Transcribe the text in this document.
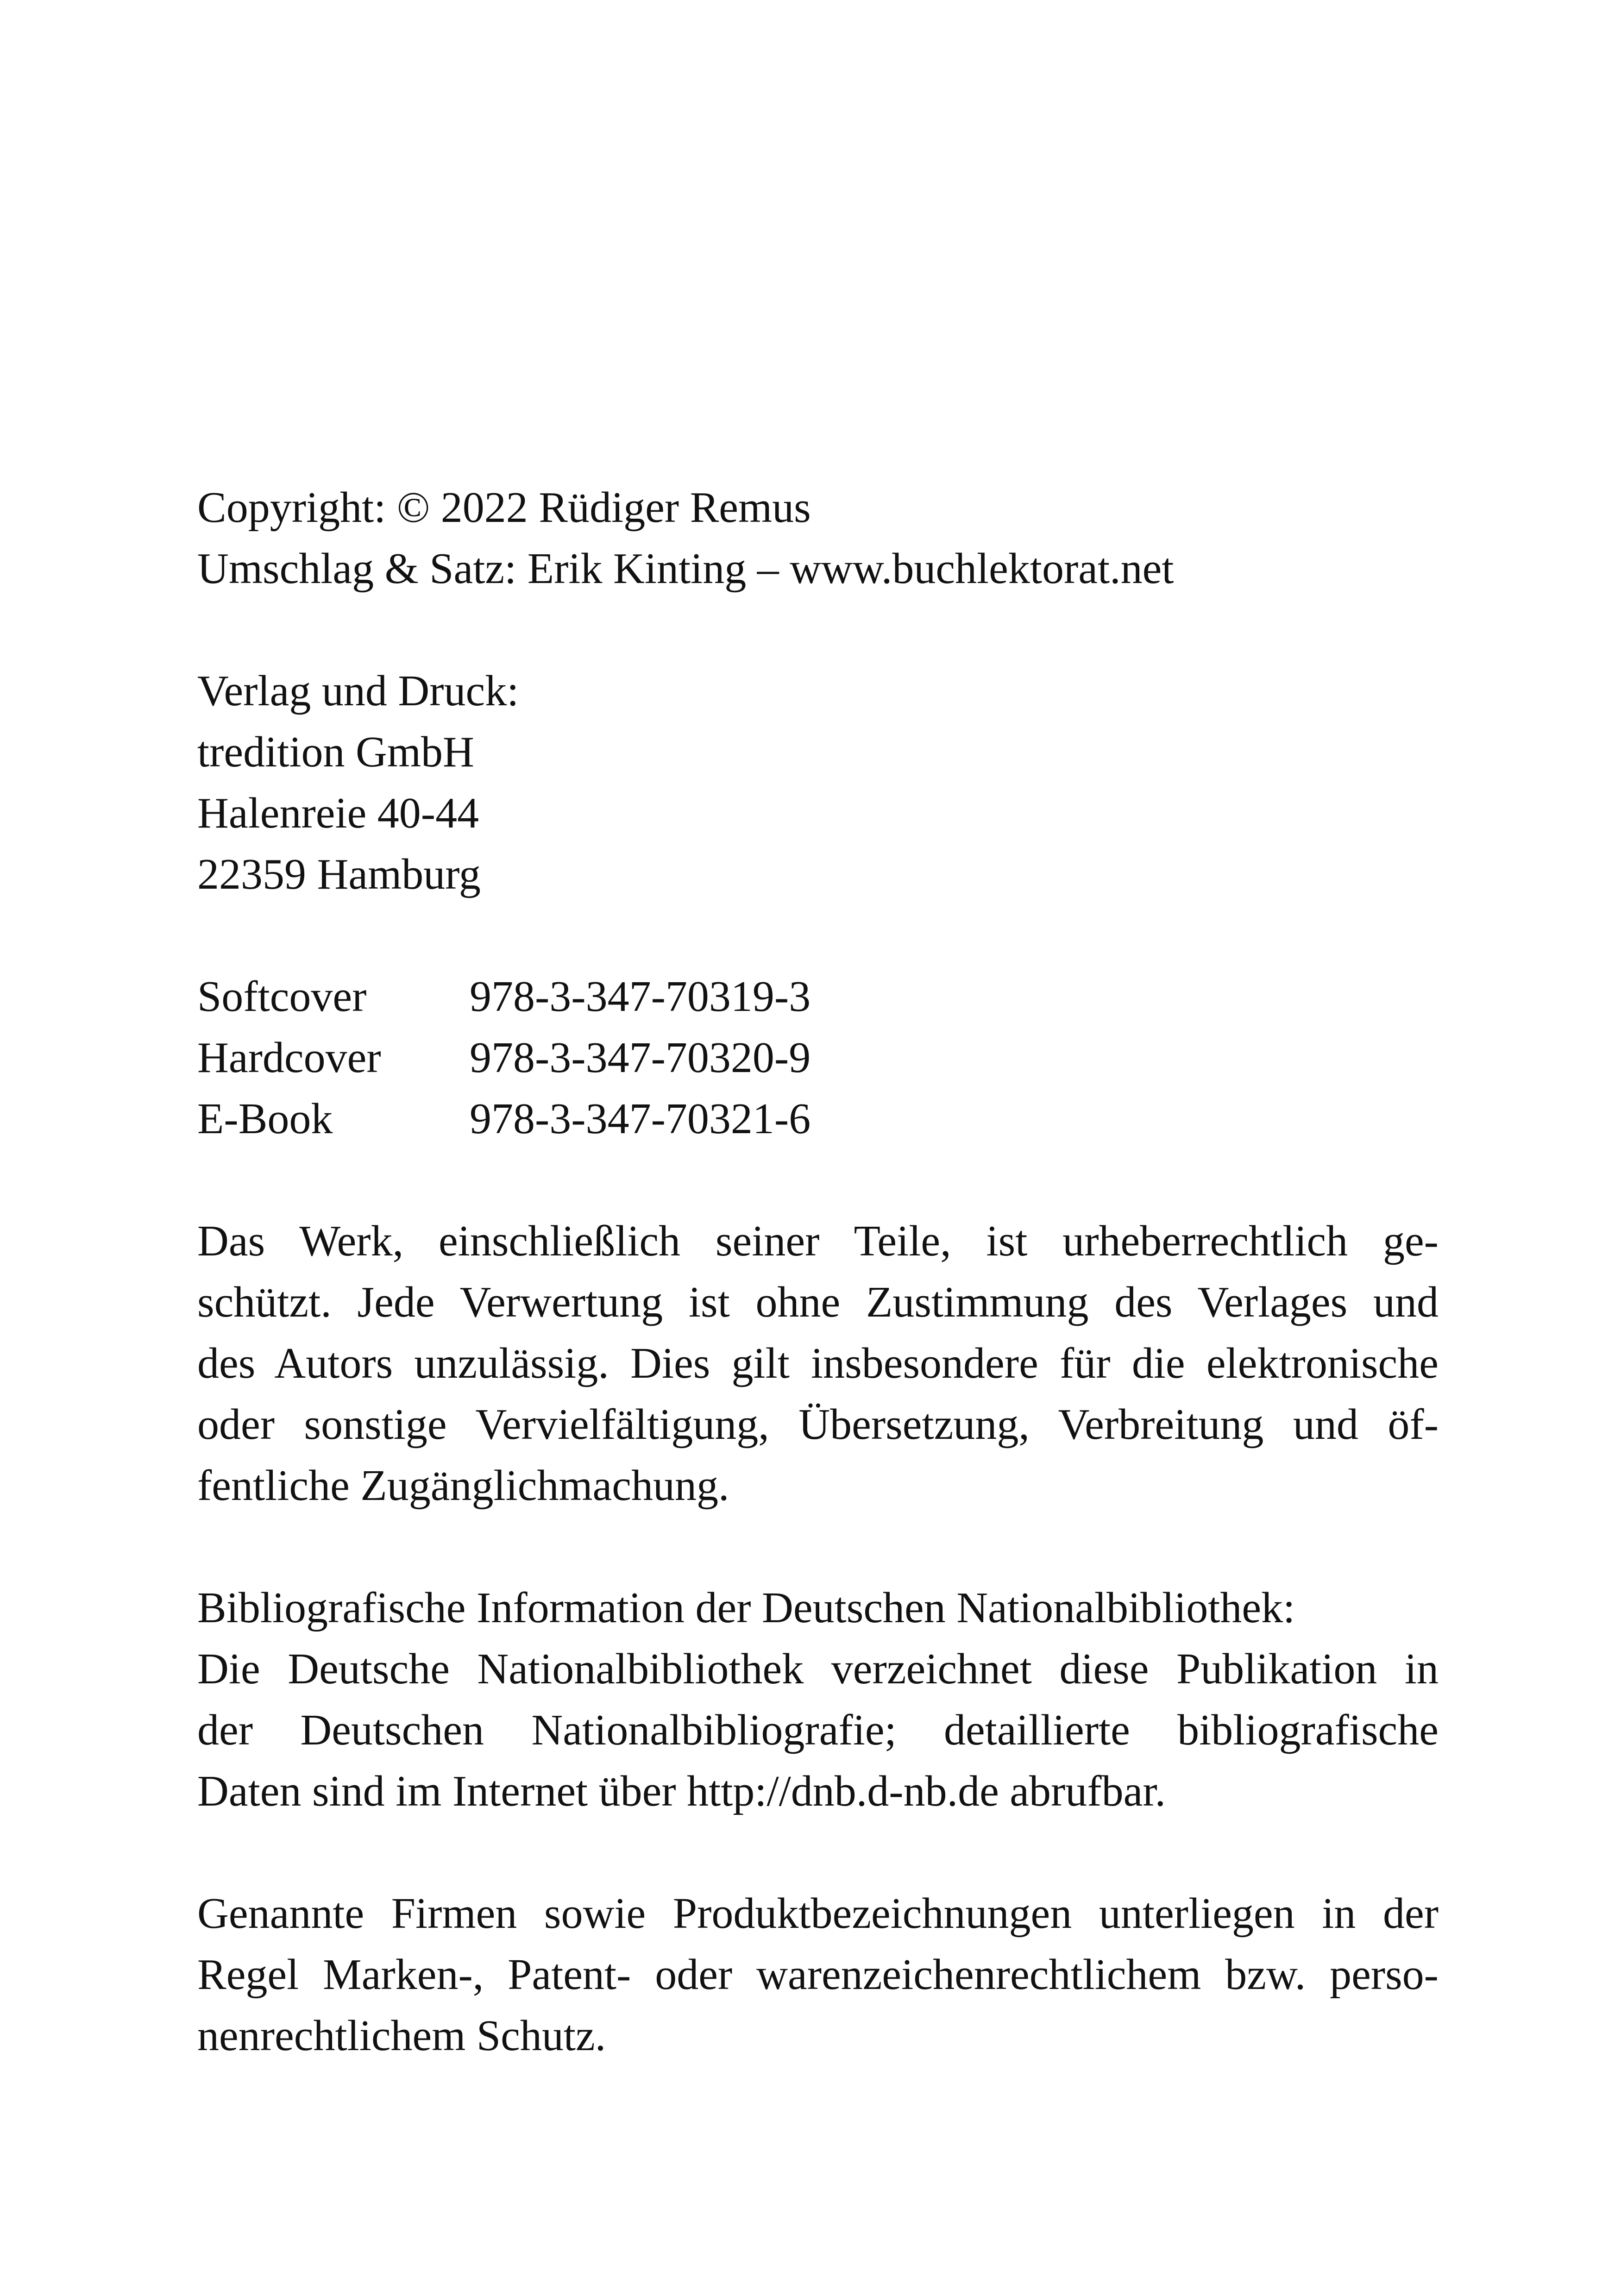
Copyright: © 2022 Rüdiger Remus
Umschlag & Satz: Erik Kinting – www.buchlektorat.net
Verlag und Druck:
tredition GmbH
Halenreie 40-44
22359 Hamburg
Softcover	978-3-347-70319-3
Hardcover	978-3-347-70320-9
E-Book	978-3-347-70321-6
Das Werk, einschließlich seiner Teile, ist urheberrechtlich ge-
schützt. Jede Verwertung ist ohne Zustimmung des Verlages und
des Autors unzulässig. Dies gilt insbesondere für die elektronische
oder sonstige Vervielfältigung, Übersetzung, Verbreitung und öf-
fentliche Zugänglichmachung.
Bibliografische Information der Deutschen Nationalbibliothek:
Die Deutsche Nationalbibliothek verzeichnet diese Publikation in
der Deutschen Nationalbibliografie; detaillierte bibliografische
Daten sind im Internet über http://dnb.d-nb.de abrufbar.
Genannte Firmen sowie Produktbezeichnungen unterliegen in der
Regel Marken-, Patent- oder warenzeichenrechtlichem bzw. perso-
nenrechtlichem Schutz.
